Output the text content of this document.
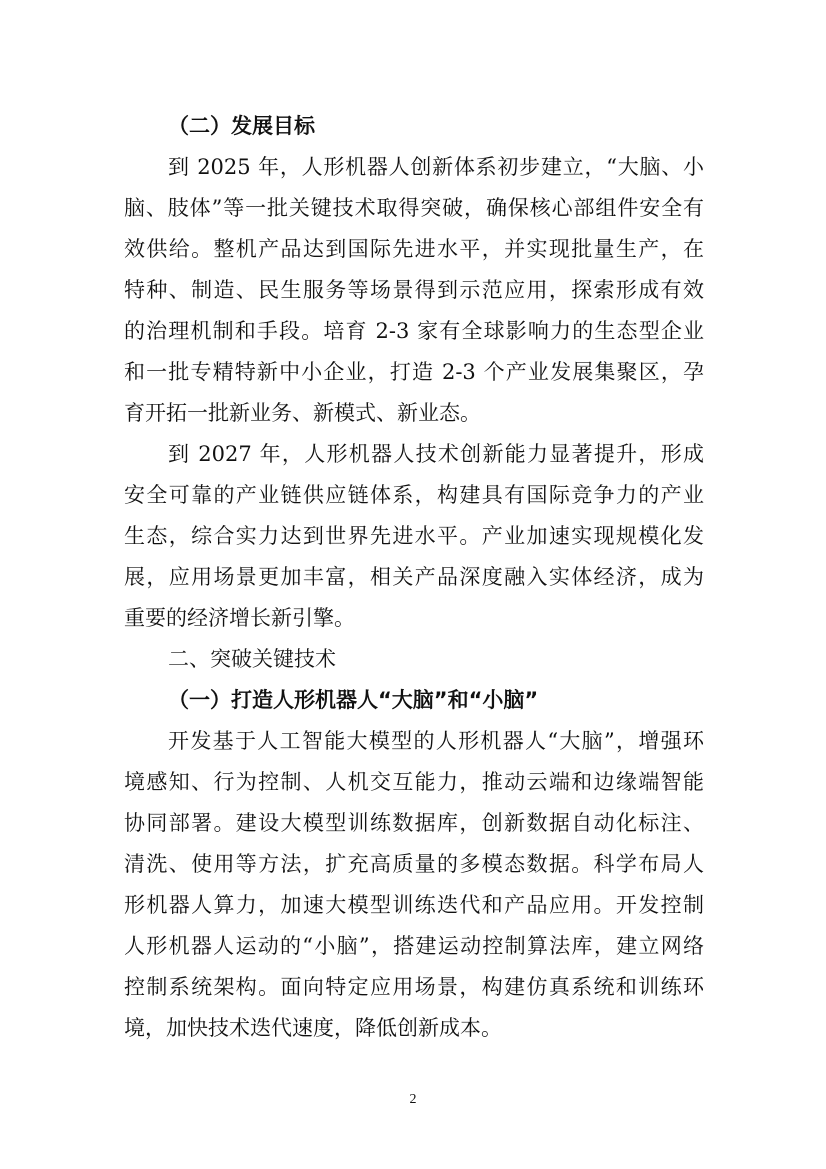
（二）发展目标
到 2025 年，人形机器人创新体系初步建立，“大脑、小
脑、肢体”等一批关键技术取得突破，确保核心部组件安全有
效供给。整机产品达到国际先进水平，并实现批量生产，在
特种、制造、民生服务等场景得到示范应用，探索形成有效
的治理机制和手段。培育 2-3 家有全球影响力的生态型企业
和一批专精特新中小企业，打造 2-3 个产业发展集聚区，孕
育开拓一批新业务、新模式、新业态。
到 2027 年，人形机器人技术创新能力显著提升，形成
安全可靠的产业链供应链体系，构建具有国际竞争力的产业
生态，综合实力达到世界先进水平。产业加速实现规模化发
展，应用场景更加丰富，相关产品深度融入实体经济，成为
重要的经济增长新引擎。
二、突破关键技术
（一）打造人形机器人“大脑”和“小脑”
开发基于人工智能大模型的人形机器人“大脑”，增强环
境感知、行为控制、人机交互能力，推动云端和边缘端智能
协同部署。建设大模型训练数据库，创新数据自动化标注、
清洗、使用等方法，扩充高质量的多模态数据。科学布局人
形机器人算力，加速大模型训练迭代和产品应用。开发控制
人形机器人运动的“小脑”，搭建运动控制算法库，建立网络
控制系统架构。面向特定应用场景，构建仿真系统和训练环
境，加快技术迭代速度，降低创新成本。
2
